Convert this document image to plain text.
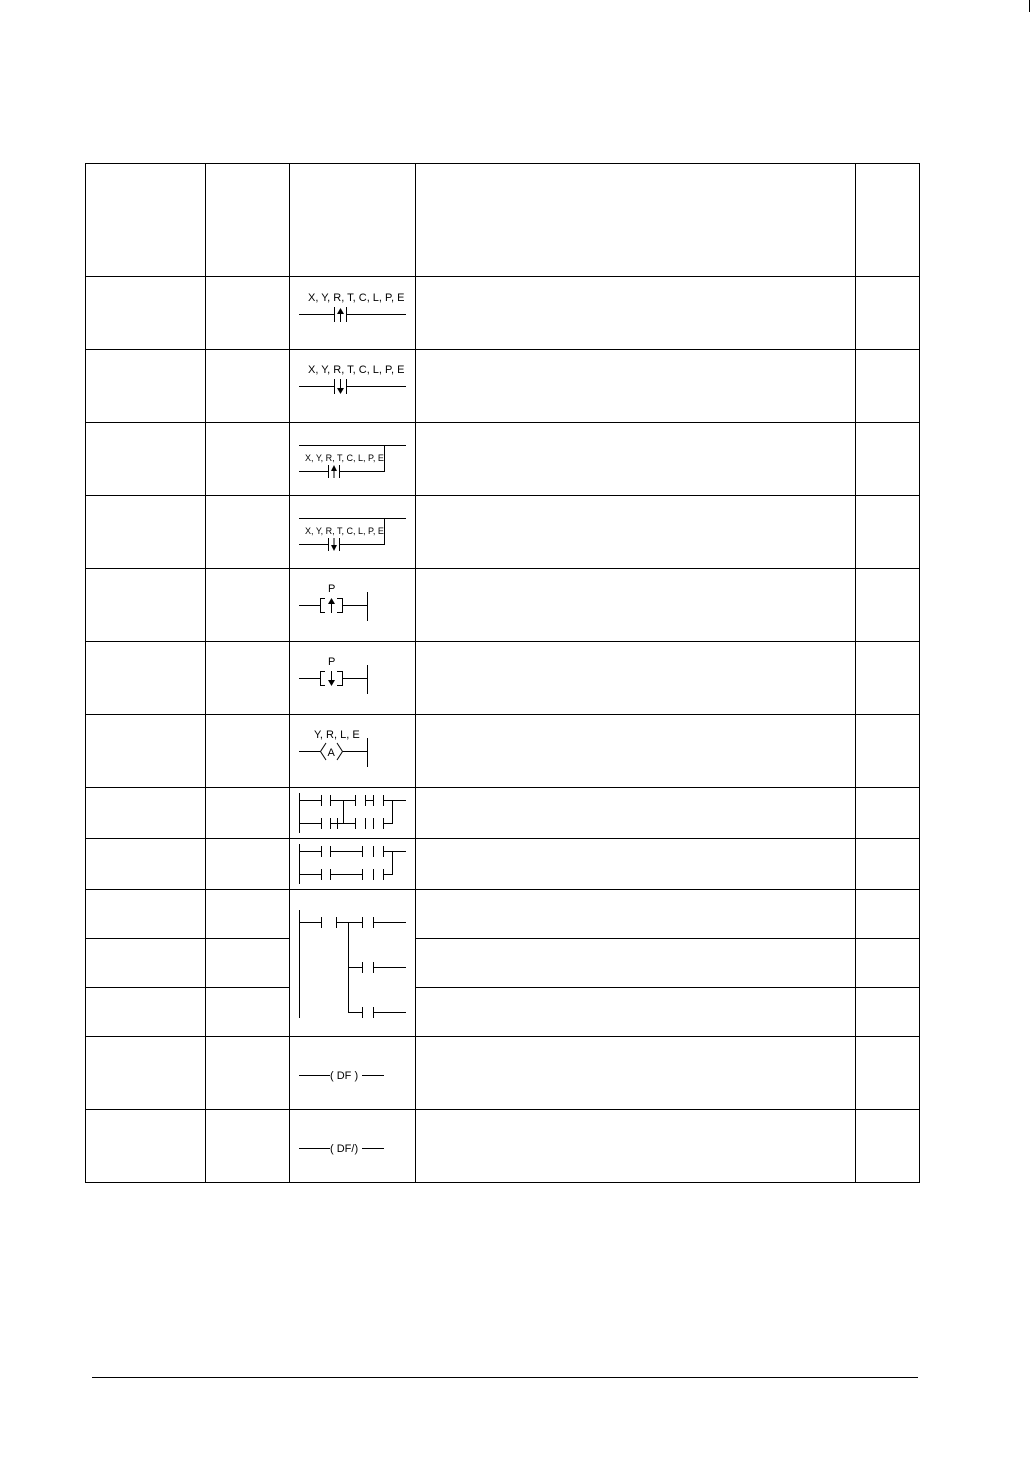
X, Y, R, T, C, L, P, E
X, Y, R, T, C, L, P, E
X, Y, R, T, C, L, P, E
X, Y, R, T, C, L, P, E
P
P
Y, R, L, E
A
( DF )
( DF/)
